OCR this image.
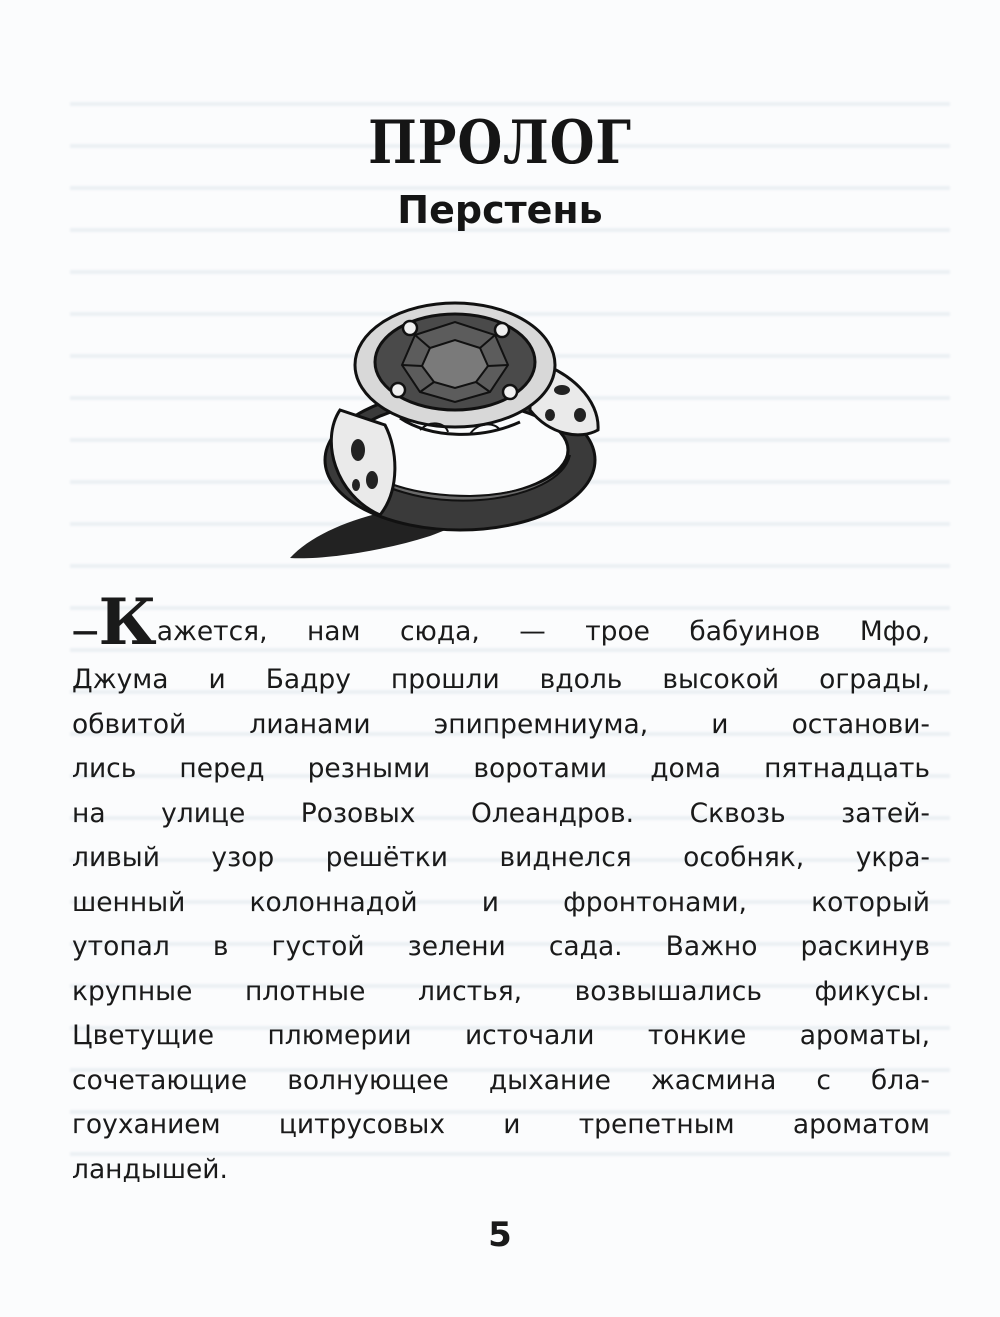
ПРОЛОГ
Перстень
—Кажется, нам сюда, — трое бабуинов Мфо,
Джума и Бадру прошли вдоль высокой ограды,
обвитой лианами эпипремниума, и останови-
лись перед резными воротами дома пятнадцать
на улице Розовых Олеандров. Сквозь затей-
ливый узор решётки виднелся особняк, укра-
шенный колоннадой и фронтонами, который
утопал в густой зелени сада. Важно раскинув
крупные плотные листья, возвышались фикусы.
Цветущие плюмерии источали тонкие ароматы,
сочетающие волнующее дыхание жасмина с бла-
гоуханием цитрусовых и трепетным ароматом
ландышей.
5
